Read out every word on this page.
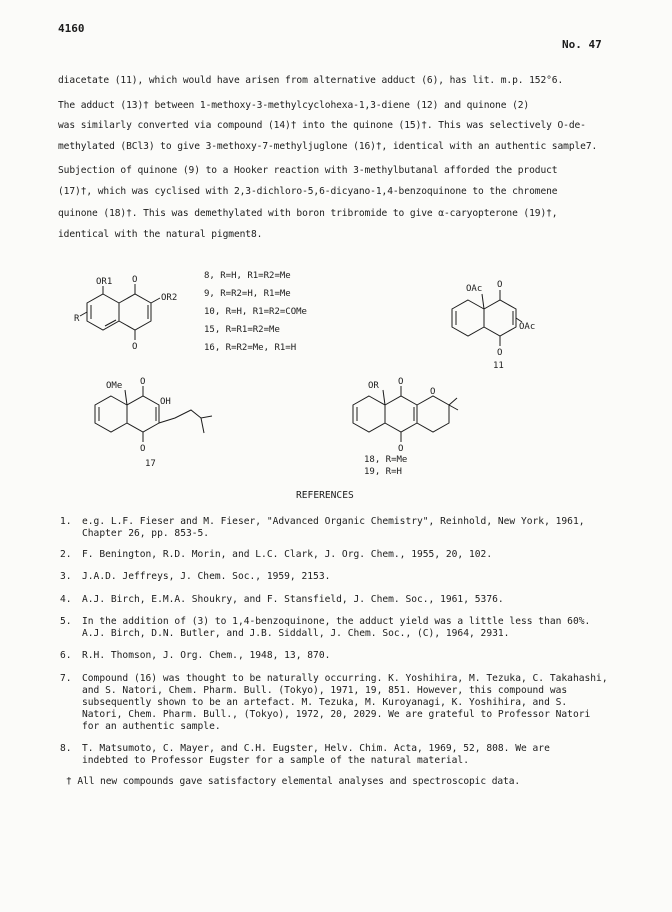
4160
No. 47
diacetate (11), which would have arisen from alternative adduct (6), has lit. m.p. 152°6.
The adduct (13)† between 1-methoxy-3-methylcyclohexa-1,3-diene (12) and quinone (2)
was similarly converted via compound (14)† into the quinone (15)†. This was selectively O-de-
methylated (BCl3) to give 3-methoxy-7-methyljuglone (16)†, identical with an authentic sample7.
Subjection of quinone (9) to a Hooker reaction with 3-methylbutanal afforded the product
(17)†, which was cyclised with 2,3-dichloro-5,6-dicyano-1,4-benzoquinone to the chromene
quinone (18)†. This was demethylated with boron tribromide to give α-caryopterone (19)†,
identical with the natural pigment8.
OR1 O
OR2
R
O
8, R=H, R1=R2=Me
9, R=R2=H, R1=Me
10, R=H, R1=R2=COMe
15, R=R1=R2=Me
16, R=R2=Me, R1=H
OAc O
OAc
O
11
OMe O
OH
O
17
OR O
O
O
18, R=Me
19, R=H
REFERENCES
1. e.g. L.F. Fieser and M. Fieser, "Advanced Organic Chemistry", Reinhold, New York, 1961,
Chapter 26, pp. 853-5.
2. F. Benington, R.D. Morin, and L.C. Clark, J. Org. Chem., 1955, 20, 102.
3. J.A.D. Jeffreys, J. Chem. Soc., 1959, 2153.
4. A.J. Birch, E.M.A. Shoukry, and F. Stansfield, J. Chem. Soc., 1961, 5376.
5. In the addition of (3) to 1,4-benzoquinone, the adduct yield was a little less than 60%.
A.J. Birch, D.N. Butler, and J.B. Siddall, J. Chem. Soc., (C), 1964, 2931.
6. R.H. Thomson, J. Org. Chem., 1948, 13, 870.
7. Compound (16) was thought to be naturally occurring. K. Yoshihira, M. Tezuka, C. Takahashi,
and S. Natori, Chem. Pharm. Bull. (Tokyo), 1971, 19, 851. However, this compound was
subsequently shown to be an artefact. M. Tezuka, M. Kuroyanagi, K. Yoshihira, and S.
Natori, Chem. Pharm. Bull., (Tokyo), 1972, 20, 2029. We are grateful to Professor Natori
for an authentic sample.
8. T. Matsumoto, C. Mayer, and C.H. Eugster, Helv. Chim. Acta, 1969, 52, 808. We are
indebted to Professor Eugster for a sample of the natural material.
† All new compounds gave satisfactory elemental analyses and spectroscopic data.
